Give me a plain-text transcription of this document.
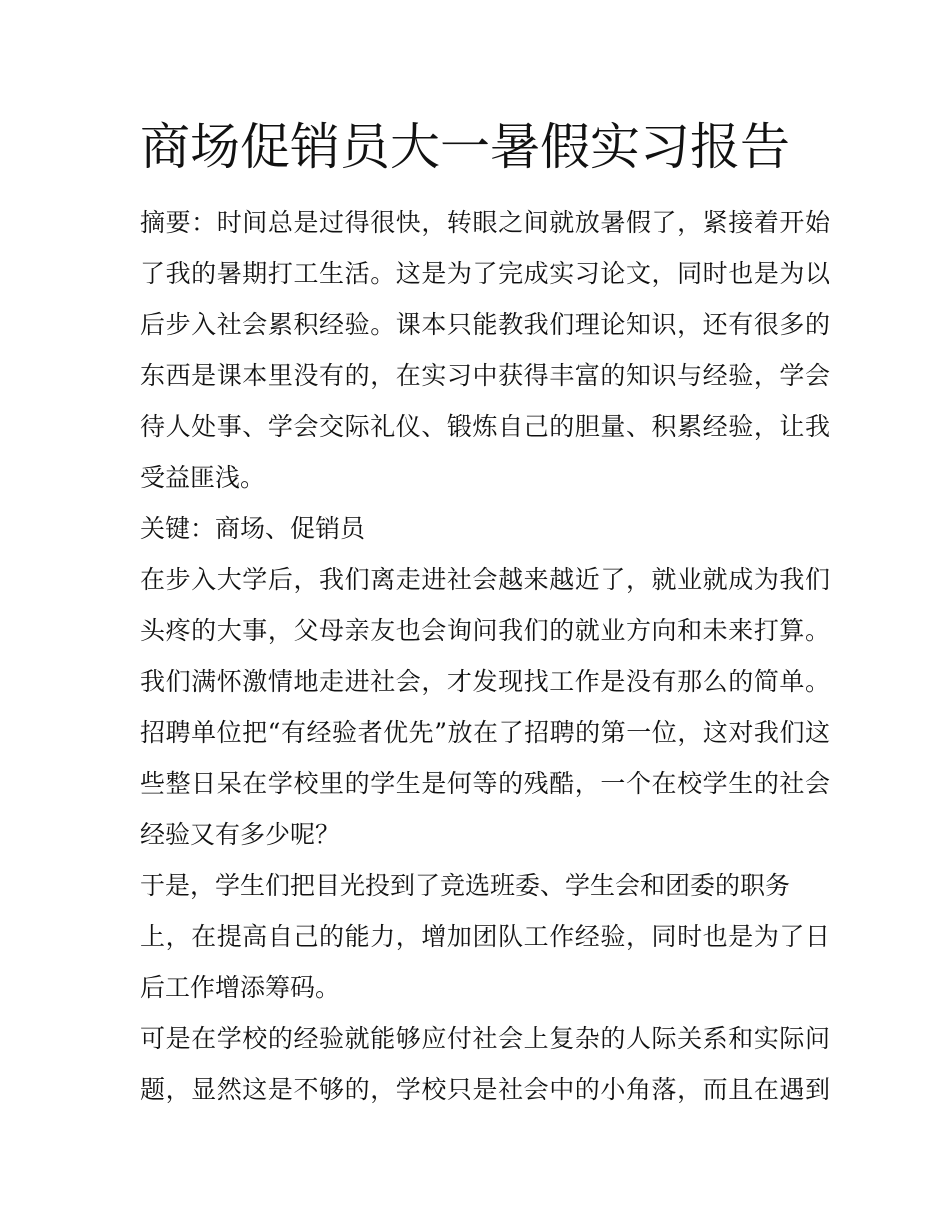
商场促销员大一暑假实习报告

摘要：时间总是过得很快，转眼之间就放暑假了，紧接着开始

了我的暑期打工生活。这是为了完成实习论文，同时也是为以

后步入社会累积经验。课本只能教我们理论知识，还有很多的

东西是课本里没有的，在实习中获得丰富的知识与经验，学会

待人处事、学会交际礼仪、锻炼自己的胆量、积累经验，让我

受益匪浅。

关键：商场、促销员

在步入大学后，我们离走进社会越来越近了，就业就成为我们

头疼的大事，父母亲友也会询问我们的就业方向和未来打算。

我们满怀激情地走进社会，才发现找工作是没有那么的简单。

招聘单位把“有经验者优先”放在了招聘的第一位，这对我们这

些整日呆在学校里的学生是何等的残酷，一个在校学生的社会

经验又有多少呢？

于是，学生们把目光投到了竞选班委、学生会和团委的职务

上，在提高自己的能力，增加团队工作经验，同时也是为了日

后工作增添筹码。

可是在学校的经验就能够应付社会上复杂的人际关系和实际问

题，显然这是不够的，学校只是社会中的小角落，而且在遇到
